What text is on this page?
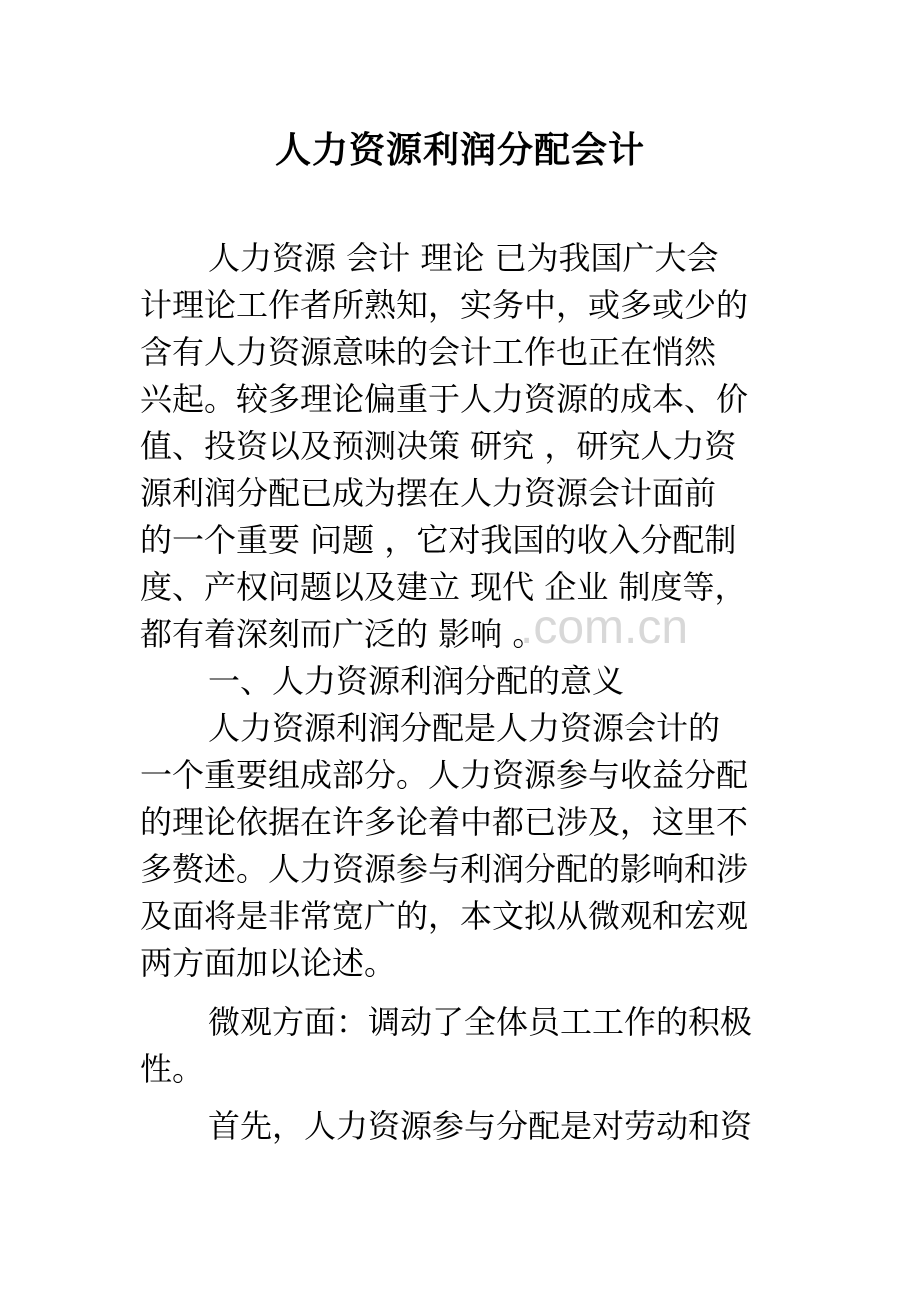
人力资源利润分配会计
人力资源 会计 理论 已为我国广大会
计理论工作者所熟知，实务中，或多或少的
含有人力资源意味的会计工作也正在悄然
兴起。较多理论偏重于人力资源的成本、价
值、投资以及预测决策 研究 ，研究人力资
源利润分配已成为摆在人力资源会计面前
的一个重要 问题 ，它对我国的收入分配制
度、产权问题以及建立 现代 企业 制度等，
都有着深刻而广泛的 影响 。
一、人力资源利润分配的意义
人力资源利润分配是人力资源会计的
一个重要组成部分。人力资源参与收益分配
的理论依据在许多论着中都已涉及，这里不
多赘述。人力资源参与利润分配的影响和涉
及面将是非常宽广的，本文拟从微观和宏观
两方面加以论述。
微观方面：调动了全体员工工作的积极
性。
首先，人力资源参与分配是对劳动和资
.com.cn
